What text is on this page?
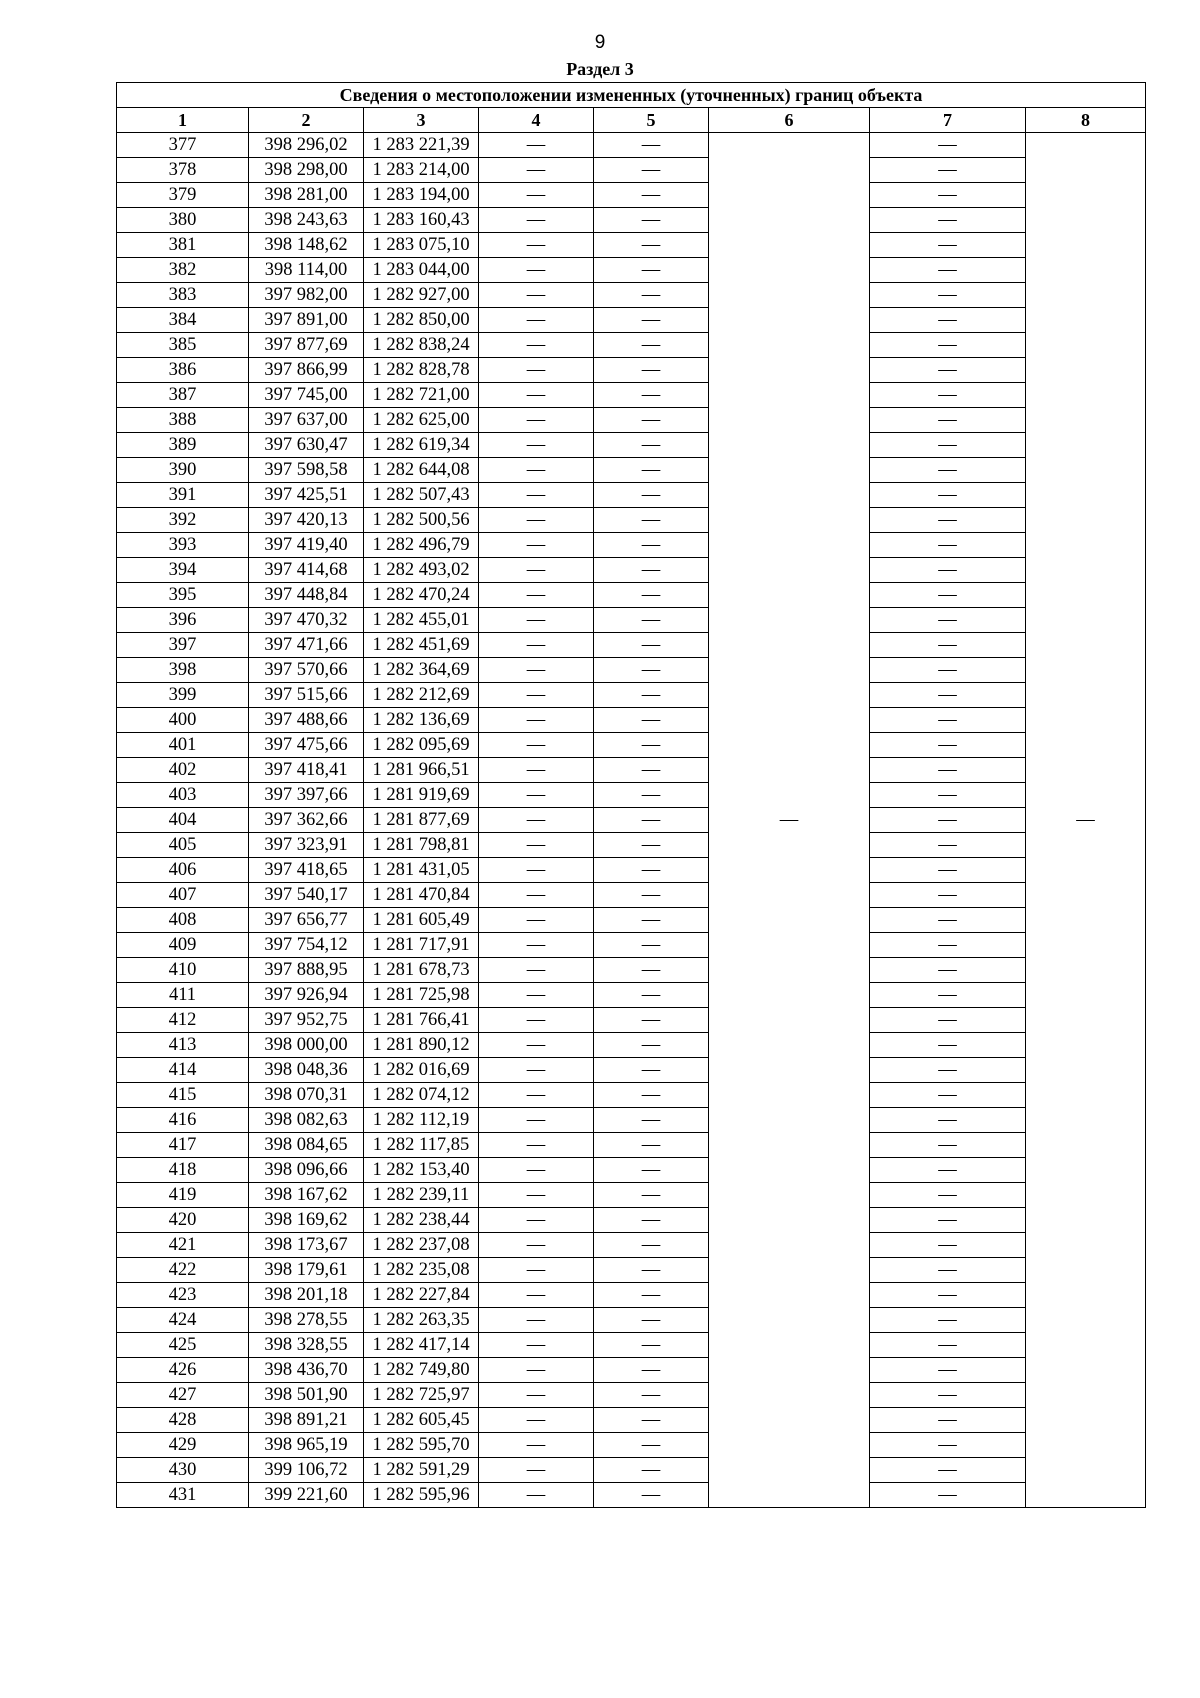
9
Раздел 3
Сведения о местоположении измененных (уточненных) границ объекта							
1	2	3	4	5	6	7	8
377	398 296,02	1 283 221,39	—	—	—	—	—
378	398 298,00	1 283 214,00	—	—		—	
379	398 281,00	1 283 194,00	—	—		—	
380	398 243,63	1 283 160,43	—	—		—	
381	398 148,62	1 283 075,10	—	—		—	
382	398 114,00	1 283 044,00	—	—		—	
383	397 982,00	1 282 927,00	—	—		—	
384	397 891,00	1 282 850,00	—	—		—	
385	397 877,69	1 282 838,24	—	—		—	
386	397 866,99	1 282 828,78	—	—		—	
387	397 745,00	1 282 721,00	—	—		—	
388	397 637,00	1 282 625,00	—	—		—	
389	397 630,47	1 282 619,34	—	—		—	
390	397 598,58	1 282 644,08	—	—		—	
391	397 425,51	1 282 507,43	—	—		—	
392	397 420,13	1 282 500,56	—	—		—	
393	397 419,40	1 282 496,79	—	—		—	
394	397 414,68	1 282 493,02	—	—		—	
395	397 448,84	1 282 470,24	—	—		—	
396	397 470,32	1 282 455,01	—	—		—	
397	397 471,66	1 282 451,69	—	—		—	
398	397 570,66	1 282 364,69	—	—		—	
399	397 515,66	1 282 212,69	—	—		—	
400	397 488,66	1 282 136,69	—	—		—	
401	397 475,66	1 282 095,69	—	—		—	
402	397 418,41	1 281 966,51	—	—		—	
403	397 397,66	1 281 919,69	—	—		—	
404	397 362,66	1 281 877,69	—	—		—	
405	397 323,91	1 281 798,81	—	—		—	
406	397 418,65	1 281 431,05	—	—		—	
407	397 540,17	1 281 470,84	—	—		—	
408	397 656,77	1 281 605,49	—	—		—	
409	397 754,12	1 281 717,91	—	—		—	
410	397 888,95	1 281 678,73	—	—		—	
411	397 926,94	1 281 725,98	—	—		—	
412	397 952,75	1 281 766,41	—	—		—	
413	398 000,00	1 281 890,12	—	—		—	
414	398 048,36	1 282 016,69	—	—		—	
415	398 070,31	1 282 074,12	—	—		—	
416	398 082,63	1 282 112,19	—	—		—	
417	398 084,65	1 282 117,85	—	—		—	
418	398 096,66	1 282 153,40	—	—		—	
419	398 167,62	1 282 239,11	—	—		—	
420	398 169,62	1 282 238,44	—	—		—	
421	398 173,67	1 282 237,08	—	—		—	
422	398 179,61	1 282 235,08	—	—		—	
423	398 201,18	1 282 227,84	—	—		—	
424	398 278,55	1 282 263,35	—	—		—	
425	398 328,55	1 282 417,14	—	—		—	
426	398 436,70	1 282 749,80	—	—		—	
427	398 501,90	1 282 725,97	—	—		—	
428	398 891,21	1 282 605,45	—	—		—	
429	398 965,19	1 282 595,70	—	—		—	
430	399 106,72	1 282 591,29	—	—		—	
431	399 221,60	1 282 595,96	—	—		—	
